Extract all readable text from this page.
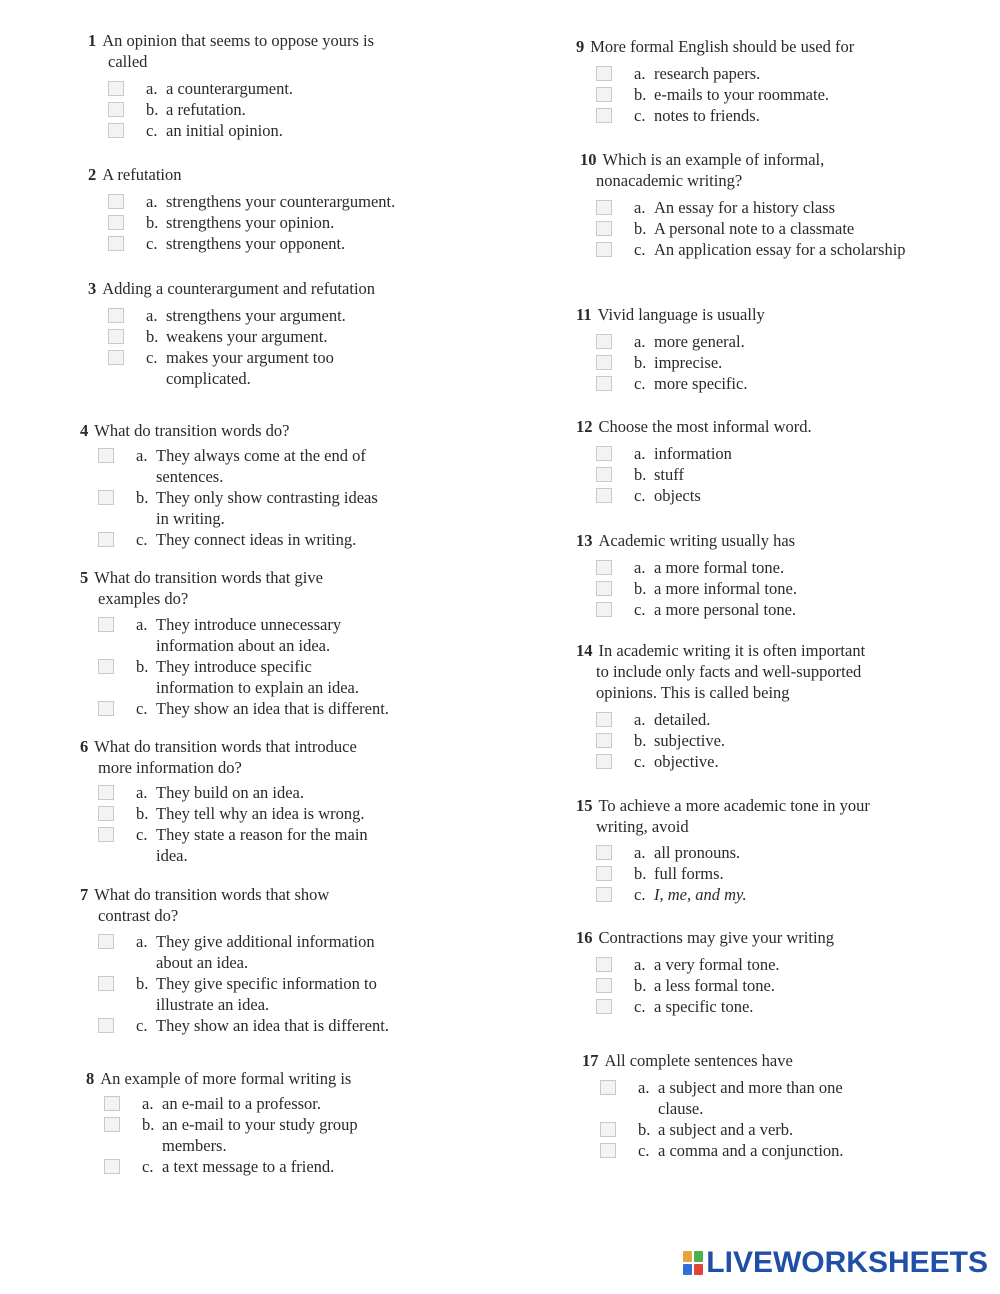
1 An opinion that seems to oppose yours is
called
a. a counterargument.
b. a refutation.
c. an initial opinion.
2 A refutation
a. strengthens your counterargument.
b. strengthens your opinion.
c. strengthens your opponent.
3 Adding a counterargument and refutation
a. strengthens your argument.
b. weakens your argument.
c. makes your argument too
complicated.
4 What do transition words do?
a. They always come at the end of
sentences.
b. They only show contrasting ideas
in writing.
c. They connect ideas in writing.
5 What do transition words that give
examples do?
a. They introduce unnecessary
information about an idea.
b. They introduce specific
information to explain an idea.
c. They show an idea that is different.
6 What do transition words that introduce
more information do?
a. They build on an idea.
b. They tell why an idea is wrong.
c. They state a reason for the main
idea.
7 What do transition words that show
contrast do?
a. They give additional information
about an idea.
b. They give specific information to
illustrate an idea.
c. They show an idea that is different.
8 An example of more formal writing is
a. an e-mail to a professor.
b. an e-mail to your study group
members.
c. a text message to a friend.
9 More formal English should be used for
a. research papers.
b. e-mails to your roommate.
c. notes to friends.
10 Which is an example of informal,
nonacademic writing?
a. An essay for a history class
b. A personal note to a classmate
c. An application essay for a scholarship
11 Vivid language is usually
a. more general.
b. imprecise.
c. more specific.
12 Choose the most informal word.
a. information
b. stuff
c. objects
13 Academic writing usually has
a. a more formal tone.
b. a more informal tone.
c. a more personal tone.
14 In academic writing it is often important
to include only facts and well-supported
opinions. This is called being
a. detailed.
b. subjective.
c. objective.
15 To achieve a more academic tone in your
writing, avoid
a. all pronouns.
b. full forms.
c. I, me, and my.
16 Contractions may give your writing
a. a very formal tone.
b. a less formal tone.
c. a specific tone.
17 All complete sentences have
a. a subject and more than one
clause.
b. a subject and a verb.
c. a comma and a conjunction.
LIVEWORKSHEETS
